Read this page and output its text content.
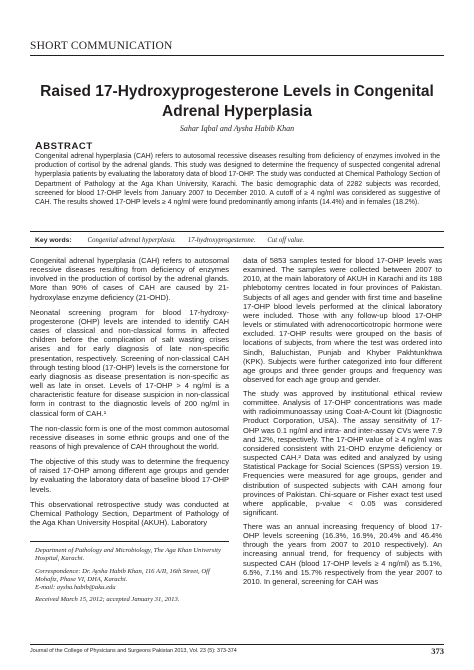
SHORT COMMUNICATION
Raised 17-Hydroxyprogesterone Levels in Congenital
Adrenal Hyperplasia
Sahar Iqbal and Aysha Habib Khan
ABSTRACT
Congenital adrenal hyperplasia (CAH) refers to autosomal recessive diseases resulting from deficiency of enzymes involved in the production of cortisol by the adrenal glands. This study was designed to determine the frequency of suspected congenital adrenal hyperplasia patients by evaluating the laboratory data of blood 17-OHP. The study was conducted at Chemical Pathology Section of Department of Pathology at the Aga Khan University, Karachi. The basic demographic data of 2282 subjects was recorded, screened for blood 17-OHP levels from January 2007 to December 2010. A cutoff of ≥ 4 ng/ml was considered as suggestive of CAH. The results showed 17-OHP levels ≥ 4 ng/ml were found predominantly among infants (14.4%) and in females (18.2%).
Key words: Congenital adrenal hyperplasia. 17-hydroxyprogesterone. Cut off value.

Congenital adrenal hyperplasia (CAH) refers to autosomal recessive diseases resulting from deficiency of enzymes involved in the production of cortisol by the adrenal glands. More than 90% of cases of CAH are caused by 21-hydroxylase enzyme deficiency (21-OHD).

Neonatal screening program for blood 17-hydroxy-progesterone (OHP) levels are intended to identify CAH cases of classical and non-classical forms in affected children before the complication of salt wasting crises arises and for early diagnosis of late non-specific presentation, respectively. Screening of non-classical CAH through testing blood (17-OHP) levels is the cornerstone for early diagnosis as disease presentation is non-specific as well as late in onset. Levels of 17-OHP > 4 ng/ml is a characteristic feature for disease suspicion in non-classical form in contrast to the diagnostic levels of 200 ng/ml in classical form of CAH.¹

The non-classic form is one of the most common autosomal recessive diseases in some ethnic groups and one of the reasons of high prevalence of CAH throughout the world.

The objective of this study was to determine the frequency of raised 17-OHP among different age groups and gender by evaluating the laboratory data of baseline blood 17-OHP levels.

This observational retrospective study was conducted at Chemical Pathology Section, Department of Pathology of the Aga Khan University Hospital (AKUH). Laboratory

data of 5853 samples tested for blood 17-OHP levels was examined. The samples were collected between 2007 to 2010, at the main laboratory of AKUH in Karachi and its 188 phlebotomy centres located in four provinces of Pakistan. Subjects of all ages and gender with first time and baseline 17-OHP blood levels performed at the clinical laboratory were included. Those with any follow-up blood 17-OHP levels or stimulated with adrenocorticotropic hormone were excluded. 17-OHP results were grouped on the basis of locations of subjects, from where the test was ordered into Sindh, Baluchistan, Punjab and Khyber Pakhtunkhwa (KPK). Subjects were further categorized into four different age groups and three gender groups and frequency was observed for each age group and gender.

The study was approved by institutional ethical review committee. Analysis of 17-OHP concentrations was made with radioimmunoassay using Coat-A-Count kit (Diagnostic Product Corporation, USA). The assay sensitivity of 17-OHP was 0.1 ng/ml and intra- and inter-assay CVs were 7.9 and 12%, respectively. The 17-OHP value of ≥ 4 ng/ml was considered consistent with 21-OHD enzyme deficiency or suspected CAH.² Data was edited and analyzed by using Statistical Package for Social Sciences (SPSS) version 19. Frequencies were measured for age groups, gender and distribution of suspected subjects with CAH among four provinces of Pakistan. Chi-square or Fisher exact test used where applicable, p-value < 0.05 was considered significant.

There was an annual increasing frequency of blood 17-OHP levels screening (16.3%, 16.9%, 20.4% and 46.4% through the years from 2007 to 2010 respectively). An increasing annual trend, for frequency of subjects with suspected CAH (blood 17-OHP levels ≥ 4 ng/ml) as 5.1%, 6.5%, 7.1% and 15.7% respectively from the year 2007 to 2010. In general, screening for CAH was

Department of Pathology and Microbiology, The Aga Khan University Hospital, Karachi.
Correspondence: Dr. Aysha Habib Khan, 116 A/II, 16th Street, Off Mohafiz, Phase VI, DHA, Karachi.
E-mail: aysha.habib@aku.edu
Received March 15, 2012; accepted January 31, 2013.
Journal of the College of Physicians and Surgeons Pakistan 2013, Vol. 23 (5): 373-374	373
